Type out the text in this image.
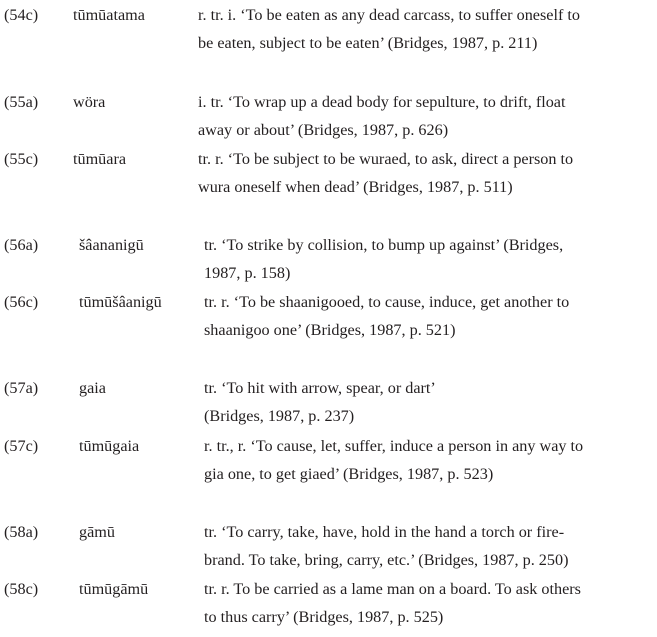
(54c) tūmūatama	r. tr. i. ‘To be eaten as any dead carcass, to suffer oneself to
be eaten, subject to be eaten’ (Bridges, 1987, p. 211)
(55a) wöra	i. tr. ‘To wrap up a dead body for sepulture, to drift, float
away or about’ (Bridges, 1987, p. 626)
(55c) tūmūara	tr. r. ‘To be subject to be wuraed, to ask, direct a person to
wura oneself when dead’ (Bridges, 1987, p. 511)
(56a)	šâananigū	tr. ‘To strike by collision, to bump up against’ (Bridges,
1987, p. 158)
(56c)	tūmūšâanigū	tr. r. ‘To be shaanigooed, to cause, induce, get another to
shaanigoo one’ (Bridges, 1987, p. 521)
(57a)	gaia	tr. ‘To hit with arrow, spear, or dart’
(Bridges, 1987, p. 237)
(57c)	tūmūgaia	r. tr., r. ‘To cause, let, suffer, induce a person in any way to
gia one, to get giaed’ (Bridges, 1987, p. 523)
(58a)	gāmū	tr. ‘To carry, take, have, hold in the hand a torch or fire-
brand. To take, bring, carry, etc.’ (Bridges, 1987, p. 250)
(58c)	tūmūgāmū	tr. r. To be carried as a lame man on a board. To ask others
to thus carry’ (Bridges, 1987, p. 525)
